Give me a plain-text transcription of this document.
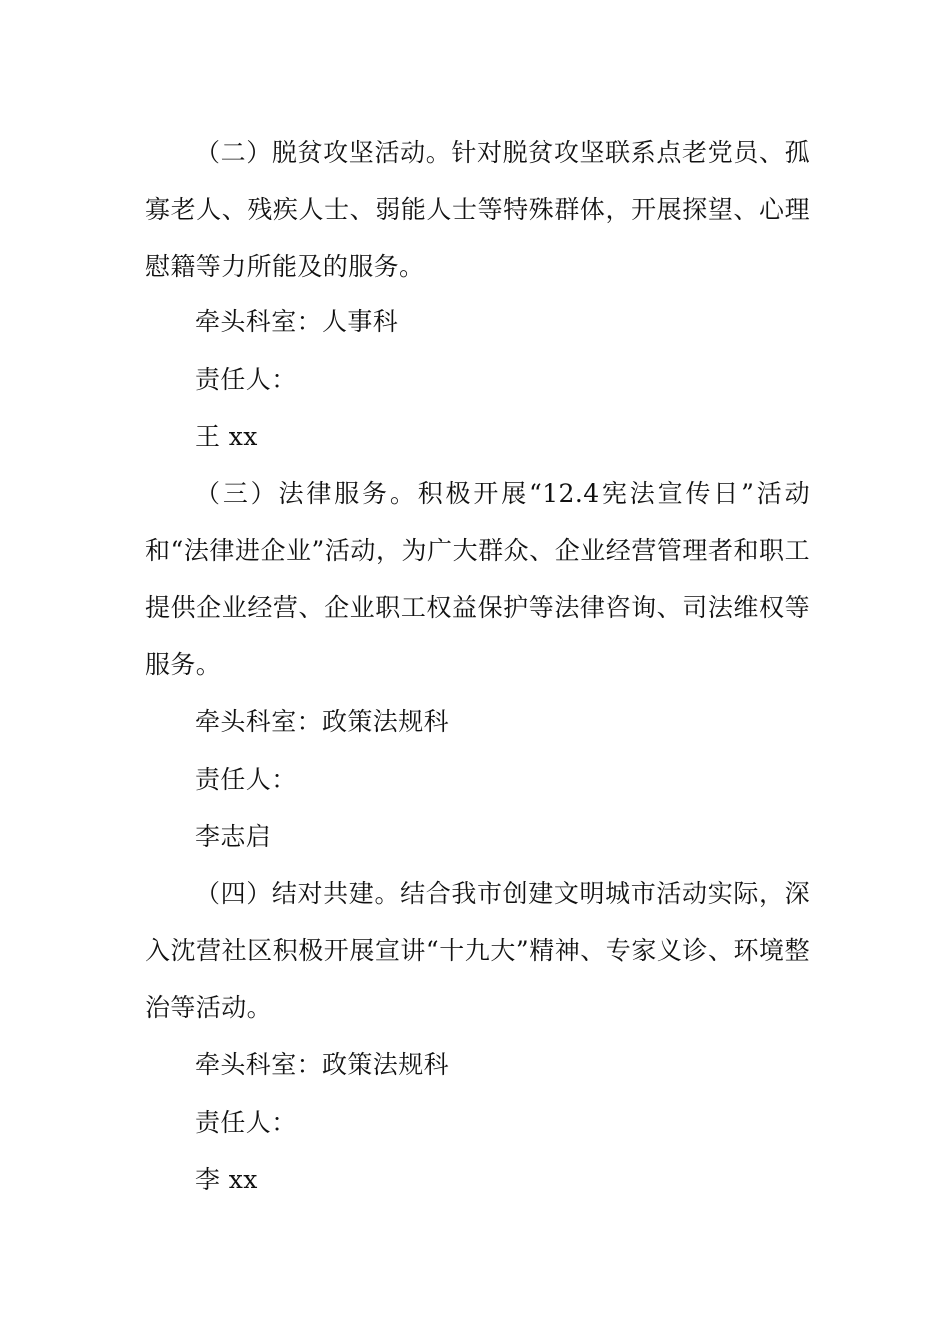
（二）脱贫攻坚活动。针对脱贫攻坚联系点老党员、孤寡老人、残疾人士、弱能人士等特殊群体，开展探望、心理慰籍等力所能及的服务。

牵头科室：人事科

责任人：

王 xx

（三）法律服务。积极开展“12.4宪法宣传日”活动和“法律进企业”活动，为广大群众、企业经营管理者和职工提供企业经营、企业职工权益保护等法律咨询、司法维权等服务。

牵头科室：政策法规科

责任人：

李志启

（四）结对共建。结合我市创建文明城市活动实际，深入沈营社区积极开展宣讲“十九大”精神、专家义诊、环境整治等活动。

牵头科室：政策法规科

责任人：

李 xx
